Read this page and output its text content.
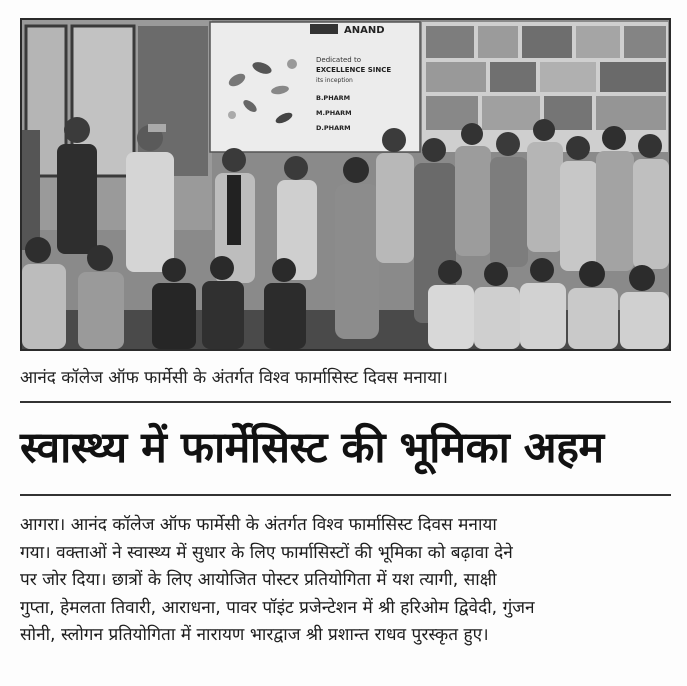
ANAND
Dedicated to
EXCELLENCE SINCE
its inception
B.PHARM
M.PHARM
D.PHARM
आनंद कॉलेज ऑफ फार्मेसी के अंतर्गत विश्व फार्मासिस्ट दिवस मनाया।
स्वास्थ्य में फार्मेसिस्ट की भूमिका अहम
आगरा। आनंद कॉलेज ऑफ फार्मेसी के अंतर्गत विश्व फार्मासिस्ट दिवस मनाया
गया। वक्ताओं ने स्वास्थ्य में सुधार के लिए फार्मासिस्टों की भूमिका को बढ़ावा देने
पर जोर दिया। छात्रों के लिए आयोजित पोस्टर प्रतियोगिता में यश त्यागी, साक्षी
गुप्ता, हेमलता तिवारी, आराधना, पावर पॉइंट प्रजेन्टेशन में श्री हरिओम द्विवेदी, गुंजन
सोनी, स्लोगन प्रतियोगिता में नारायण भारद्वाज श्री प्रशान्त राधव पुरस्कृत हुए।
